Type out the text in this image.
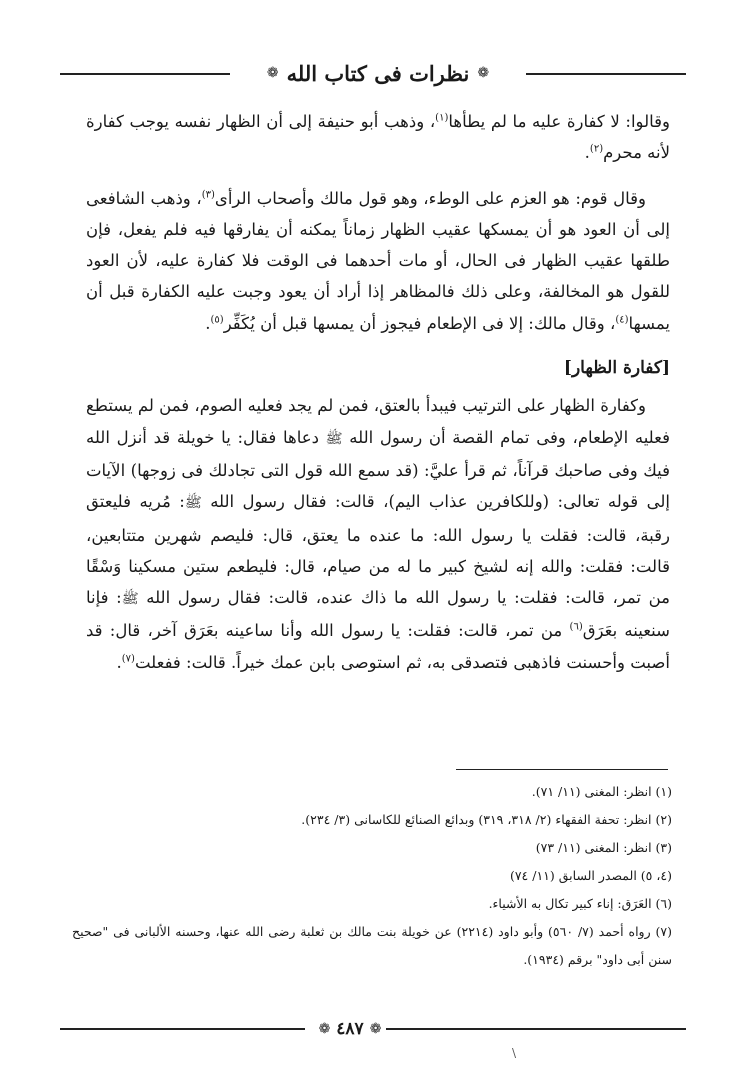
❁
نظرات فى كتاب الله
❁

وقالوا: لا كفارة عليه ما لم يطأها$^{(١)}$، وذهب أبو حنيفة إلى أن الظهار نفسه يوجب كفارة لأنه محرم$^{(٢)}$.

وقال قوم: هو العزم على الوطء، وهو قول مالك وأصحاب الرأى$^{(٣)}$، وذهب الشافعى إلى أن العود هو أن يمسكها عقيب الظهار زماناً يمكنه أن يفارقها فيه فلم يفعل، فإن طلقها عقيب الظهار فى الحال، أو مات أحدهما فى الوقت فلا كفارة عليه، لأن العود للقول هو المخالفة، وعلى ذلك فالمظاهر إذا أراد أن يعود وجبت عليه الكفارة قبل أن يمسها$^{(٤)}$، وقال مالك: إلا فى الإطعام فيجوز أن يمسها قبل أن يُكَفِّر$^{(٥)}$.

[كفارة الظهار]

وكفارة الظهار على الترتيب فيبدأ بالعتق، فمن لم يجد فعليه الصوم، فمن لم يستطع فعليه الإطعام، وفى تمام القصة أن رسول الله ﷺ دعاها فقال: يا خويلة قد أنزل الله فيك وفى صاحبك قرآناً، ثم قرأ عليَّ: (قد سمع الله قول التى تجادلك فى زوجها) الآيات إلى قوله تعالى: (وللكافرين عذاب اليم)، قالت: فقال رسول الله ﷺ: مُريه فليعتق رقبة، قالت: فقلت يا رسول الله: ما عنده ما يعتق، قال: فليصم شهرين متتابعين، قالت: فقلت: والله إنه لشيخ كبير ما له من صيام، قال: فليطعم ستين مسكينا وَسْقًا من تمر، قالت: فقلت: يا رسول الله ما ذاك عنده، قالت: فقال رسول الله ﷺ: فإنا سنعينه بعَرَق$^{(٦)}$ من تمر، قالت: فقلت: يا رسول الله وأنا ساعينه بعَرَق آخر، قال: قد أصبت وأحسنت فاذهبى فتصدقى به، ثم استوصى بابن عمك خيراً. قالت: ففعلت$^{(٧)}$.

(١) انظر: المغنى (١١/ ٧١).

(٢) انظر: تحفة الفقهاء (٢/ ٣١٨، ٣١٩) وبدائع الصنائع للكاسانى (٣/ ٢٣٤).

(٣) انظر: المغنى (١١/ ٧٣)

(٤، ٥) المصدر السابق (١١/ ٧٤)

(٦) العَرَق: إناء كبير تكال به الأشياء.

(٧) رواه أحمد (٧/ ٥٦٠) وأبو داود (٢٢١٤) عن خويلة بنت مالك بن ثعلبة رضى الله عنها، وحسنه الألبانى فى "صحيح سنن أبى داود" برقم (١٩٣٤).

❁
٤٨٧
❁
\
